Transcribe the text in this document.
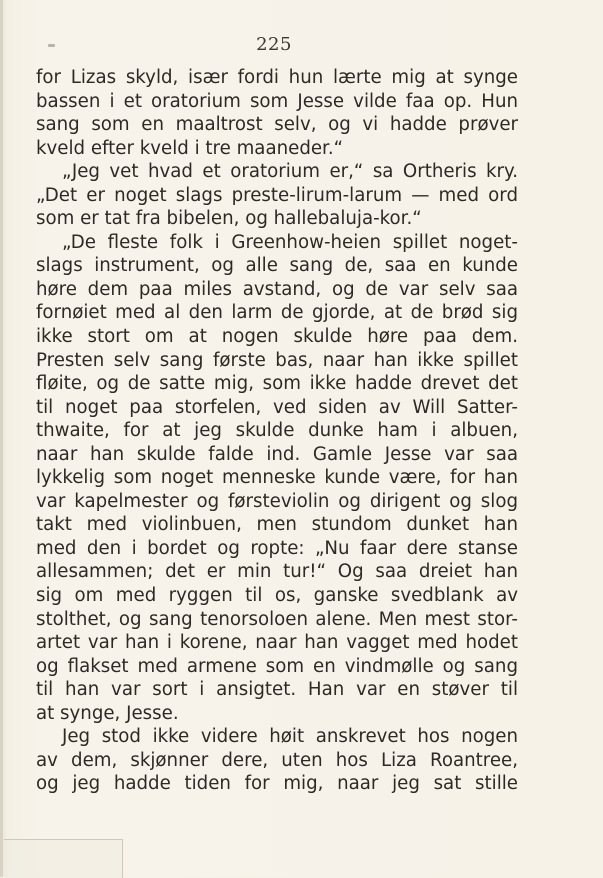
225
for Lizas skyld, især fordi hun lærte mig at synge
bassen i et oratorium som Jesse vilde faa op. Hun
sang som en maaltrost selv, og vi hadde prøver
kveld efter kveld i tre maaneder.“
„Jeg vet hvad et oratorium er,“ sa Ortheris kry.
„Det er noget slags preste-lirum-larum — med ord
som er tat fra bibelen, og hallebaluja-kor.“
„De fleste folk i Greenhow-heien spillet noget-
slags instrument, og alle sang de, saa en kunde
høre dem paa miles avstand, og de var selv saa
fornøiet med al den larm de gjorde, at de brød sig
ikke stort om at nogen skulde høre paa dem.
Presten selv sang første bas, naar han ikke spillet
fløite, og de satte mig, som ikke hadde drevet det
til noget paa storfelen, ved siden av Will Satter-
thwaite, for at jeg skulde dunke ham i albuen,
naar han skulde falde ind. Gamle Jesse var saa
lykkelig som noget menneske kunde være, for han
var kapelmester og førsteviolin og dirigent og slog
takt med violinbuen, men stundom dunket han
med den i bordet og ropte: „Nu faar dere stanse
allesammen; det er min tur!“ Og saa dreiet han
sig om med ryggen til os, ganske svedblank av
stolthet, og sang tenorsoloen alene. Men mest stor-
artet var han i korene, naar han vagget med hodet
og flakset med armene som en vindmølle og sang
til han var sort i ansigtet. Han var en støver til
at synge, Jesse.
Jeg stod ikke videre høit anskrevet hos nogen
av dem, skjønner dere, uten hos Liza Roantree,
og jeg hadde tiden for mig, naar jeg sat stille
